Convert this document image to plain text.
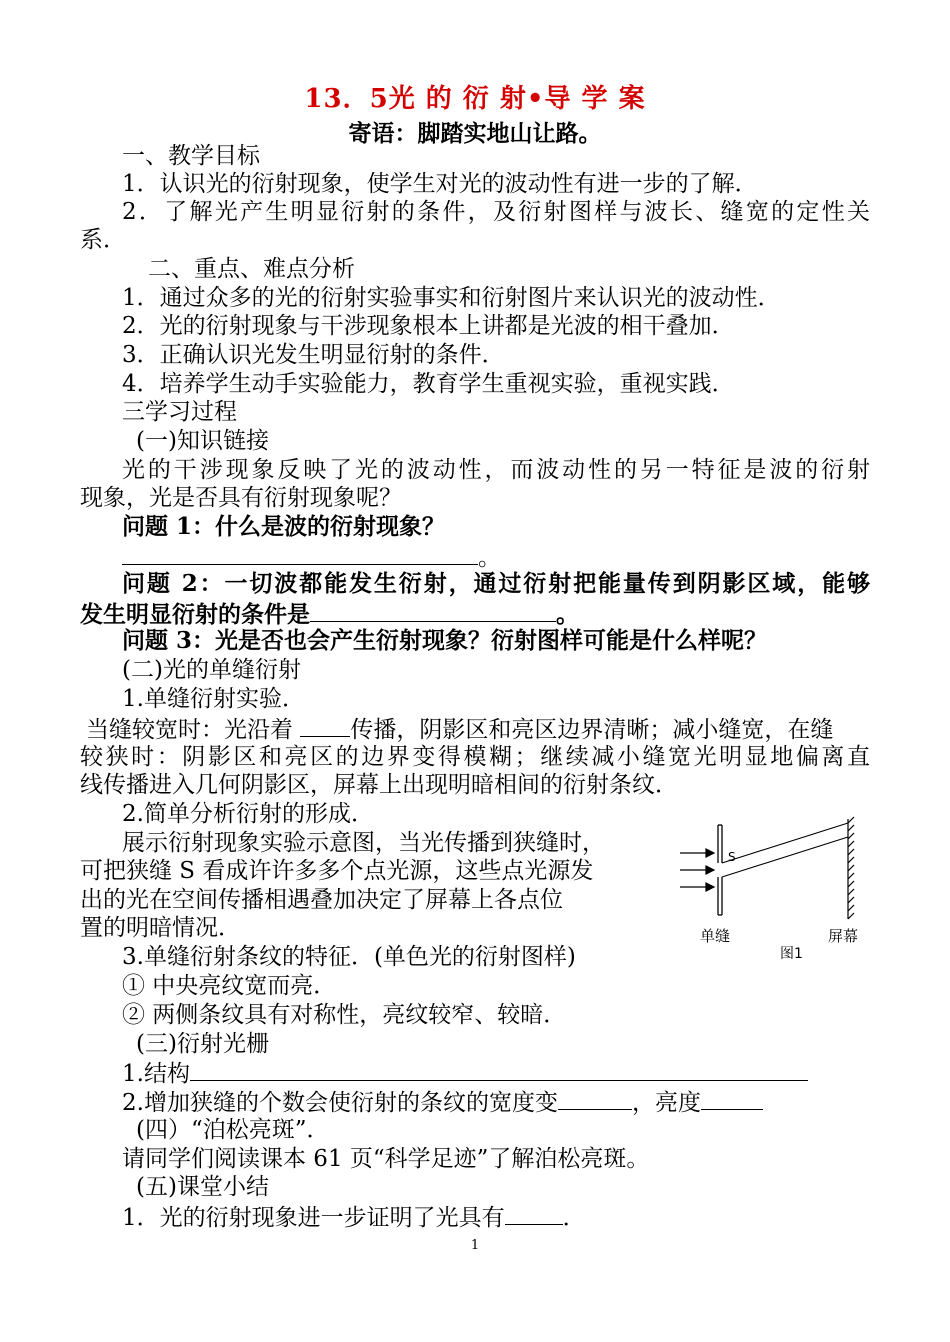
13．5光 的 衍 射•导 学 案
寄语：脚踏实地山让路。
一、教学目标
1．认识光的衍射现象，使学生对光的波动性有进一步的了解．
2．了解光产生明显衍射的条件，及衍射图样与波长、缝宽的定性关
系．
二、重点、难点分析
1．通过众多的光的衍射实验事实和衍射图片来认识光的波动性．
2．光的衍射现象与干涉现象根本上讲都是光波的相干叠加．
3．正确认识光发生明显衍射的条件．
4．培养学生动手实验能力，教育学生重视实验，重视实践．
三学习过程
(一)知识链接
光的干涉现象反映了光的波动性，而波动性的另一特征是波的衍射
现象，光是否具有衍射现象呢？
问题 1：什么是波的衍射现象？
。
问题 2：一切波都能发生衍射，通过衍射把能量传到阴影区域，能够
发生明显衍射的条件是	。
问题 3：光是否也会产生衍射现象？衍射图样可能是什么样呢？
(二)光的单缝衍射
1.单缝衍射实验．
当缝较宽时：光沿着 传播，阴影区和亮区边界清晰；减小缝宽，在缝
较狭时：阴影区和亮区的边界变得模糊；继续减小缝宽光明显地偏离直
线传播进入几何阴影区，屏幕上出现明暗相间的衍射条纹．
2.简单分析衍射的形成．
展示衍射现象实验示意图，当光传播到狭缝时，
可把狭缝 S 看成许许多多个点光源，这些点光源发
出的光在空间传播相遇叠加决定了屏幕上各点位
置的明暗情况．
S
单缝	屏幕
图1
3.单缝衍射条纹的特征．(单色光的衍射图样)
① 中央亮纹宽而亮．
② 两侧条纹具有对称性，亮纹较窄、较暗．
(三)衍射光栅
1.结构
2.增加狭缝的个数会使衍射的条纹的宽度变	，亮度
(四）“泊松亮斑”．
请同学们阅读课本 61 页“科学足迹”了解泊松亮斑。
(五)课堂小结
1．光的衍射现象进一步证明了光具有	．
1
